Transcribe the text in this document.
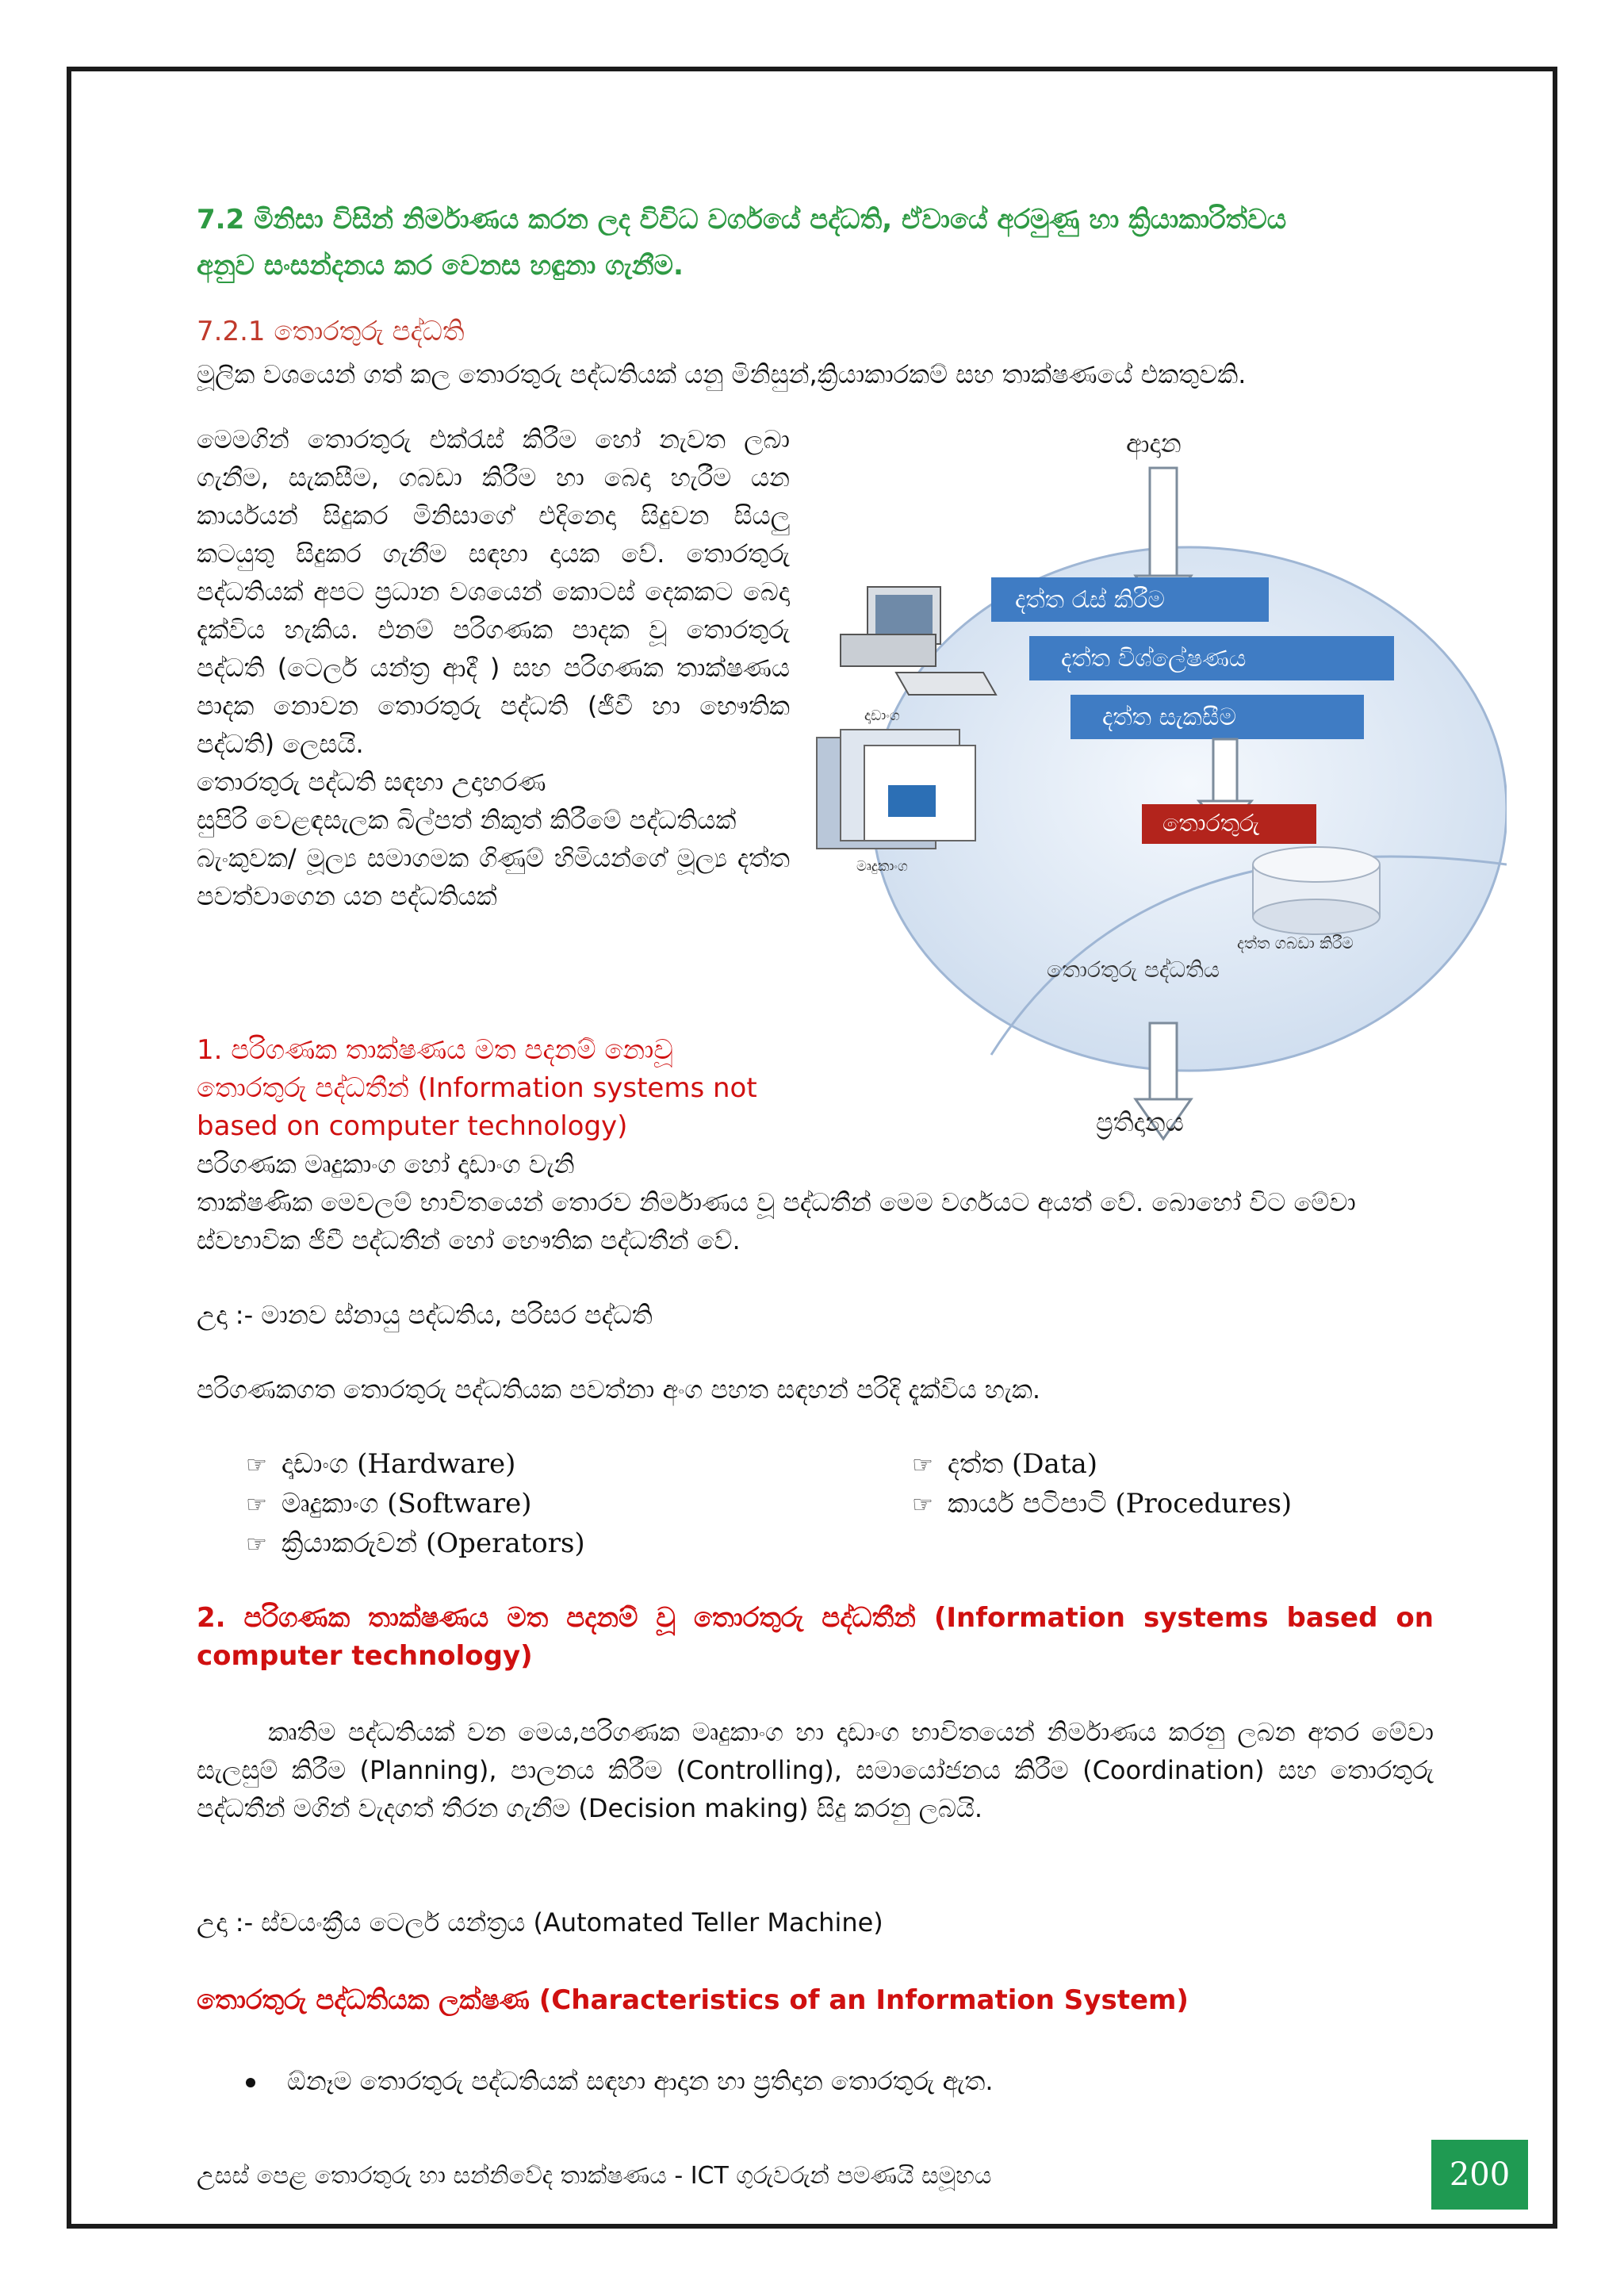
7.2 මිනිසා විසින් නිර්මාණය කරන ලද විවිධ වර්ගයේ පද්ධති, ඒවායේ අරමුණු හා ක්‍රියාකාරිත්වය
අනුව සංසන්දනය කර වෙනස හඳුනා ගැනීම.
7.2.1 තොරතුරු පද්ධති
මූලික වශයෙන් ගත් කල තොරතුරු පද්ධතියක් යනු මිනිසුන්,ක්‍රියාකාරකම් සහ තාක්ෂණයේ එකතුවකි.
මෙමගින් තොරතුරු එක්රැස් කිරීම හෝ නැවත ලබා ගැනීම, සැකසීම, ගබඩා කිරීම හා බෙදා හැරීම යන කාර්යයන් සිදුකර මිනිසාගේ එදිනෙදා සිදුවන සියලු කටයුතු සිදුකර ගැනීම සඳහා දායක වේ. තොරතුරු පද්ධතියක් අපට ප්‍රධාන වශයෙන් කොටස් දෙකකට බෙදා දැක්විය හැකිය. එනම් පරිගණක පාදක වූ තොරතුරු පද්ධති (ටෙලර් යන්ත්‍ර ආදී ) සහ පරිගණක තාක්ෂණය පාදක නොවන තොරතුරු පද්ධති (ජීවී හා භෞතික පද්ධති) ලෙසයි.
තොරතුරු පද්ධති සඳහා උදාහරණ
සුපිරි වෙළඳසැලක බිල්පත් නිකුත් කිරීමේ පද්ධතියක්
බැංකුවක/ මූල්‍ය සමාගමක ගිණුම් හිමියන්ගේ මූල්‍ය දත්ත පවත්වාගෙන යන පද්ධතියක්
ආදාන
දත්ත රැස් කිරීම
දත්ත විශ්ලේෂණය
දත්ත සැකසීම
තොරතුරු
දෘඩාංග
මෘදුකාංග
දත්ත ගබඩා කිරීම
තොරතුරු පද්ධතිය
ප්‍රතිදානය
1. පරිගණක තාක්ෂණය මත පදනම් නොවූ තොරතුරු පද්ධතීන් (Information systems not based on computer technology)
පරිගණක මෘදුකාංග හෝ දෘඩාංග වැනි
තාක්ෂණික මෙවලම් භාවිතයෙන් තොරව නිර්මාණය වූ පද්ධතීන් මෙම වර්ගයට අයත් වේ. බොහෝ විට මේවා ස්වභාවික ජීවී පද්ධතීන් හෝ භෞතික පද්ධතීන් වේ.
උදා :- මානව ස්නායු පද්ධතිය, පරිසර පද්ධති
පරිගණකගත තොරතුරු පද්ධතියක පවත්නා අංග පහත සඳහන් පරිදි දැක්විය හැක.
☞ දෘඩාංග (Hardware)
☞ මෘදුකාංග (Software)
☞ ක්‍රියාකරුවන් (Operators)
☞ දත්ත (Data)
☞ කාර්ය පටිපාටි (Procedures)
2. පරිගණක තාක්ෂණය මත පදනම් වූ තොරතුරු පද්ධතීන් (Information systems based on computer technology)
කෘතිම පද්ධතියක් වන මෙය,පරිගණක මෘදුකාංග හා දෘඩාංග භාවිතයෙන් නිර්මාණය කරනු ලබන අතර මේවා සැලසුම් කිරීම (Planning), පාලනය කිරීම (Controlling), සමායෝජනය කිරීම (Coordination) සහ තොරතුරු පද්ධතීන් මගින් වැදගත් තීරන ගැනීම (Decision making) සිදු කරනු ලබයි.
උදා :- ස්වයංක්‍රීය ටෙලර් යන්ත්‍රය (Automated Teller Machine)
තොරතුරු පද්ධතියක ලක්ෂණ (Characteristics of an Information System)
ඕනෑම තොරතුරු පද්ධතියක් සඳහා ආදාන හා ප්‍රතිදාන තොරතුරු ඇත.
උසස් පෙළ තොරතුරු හා සන්නිවේද තාක්ෂණය - ICT ගුරුවරුන් පමණයි සමූහය	200
